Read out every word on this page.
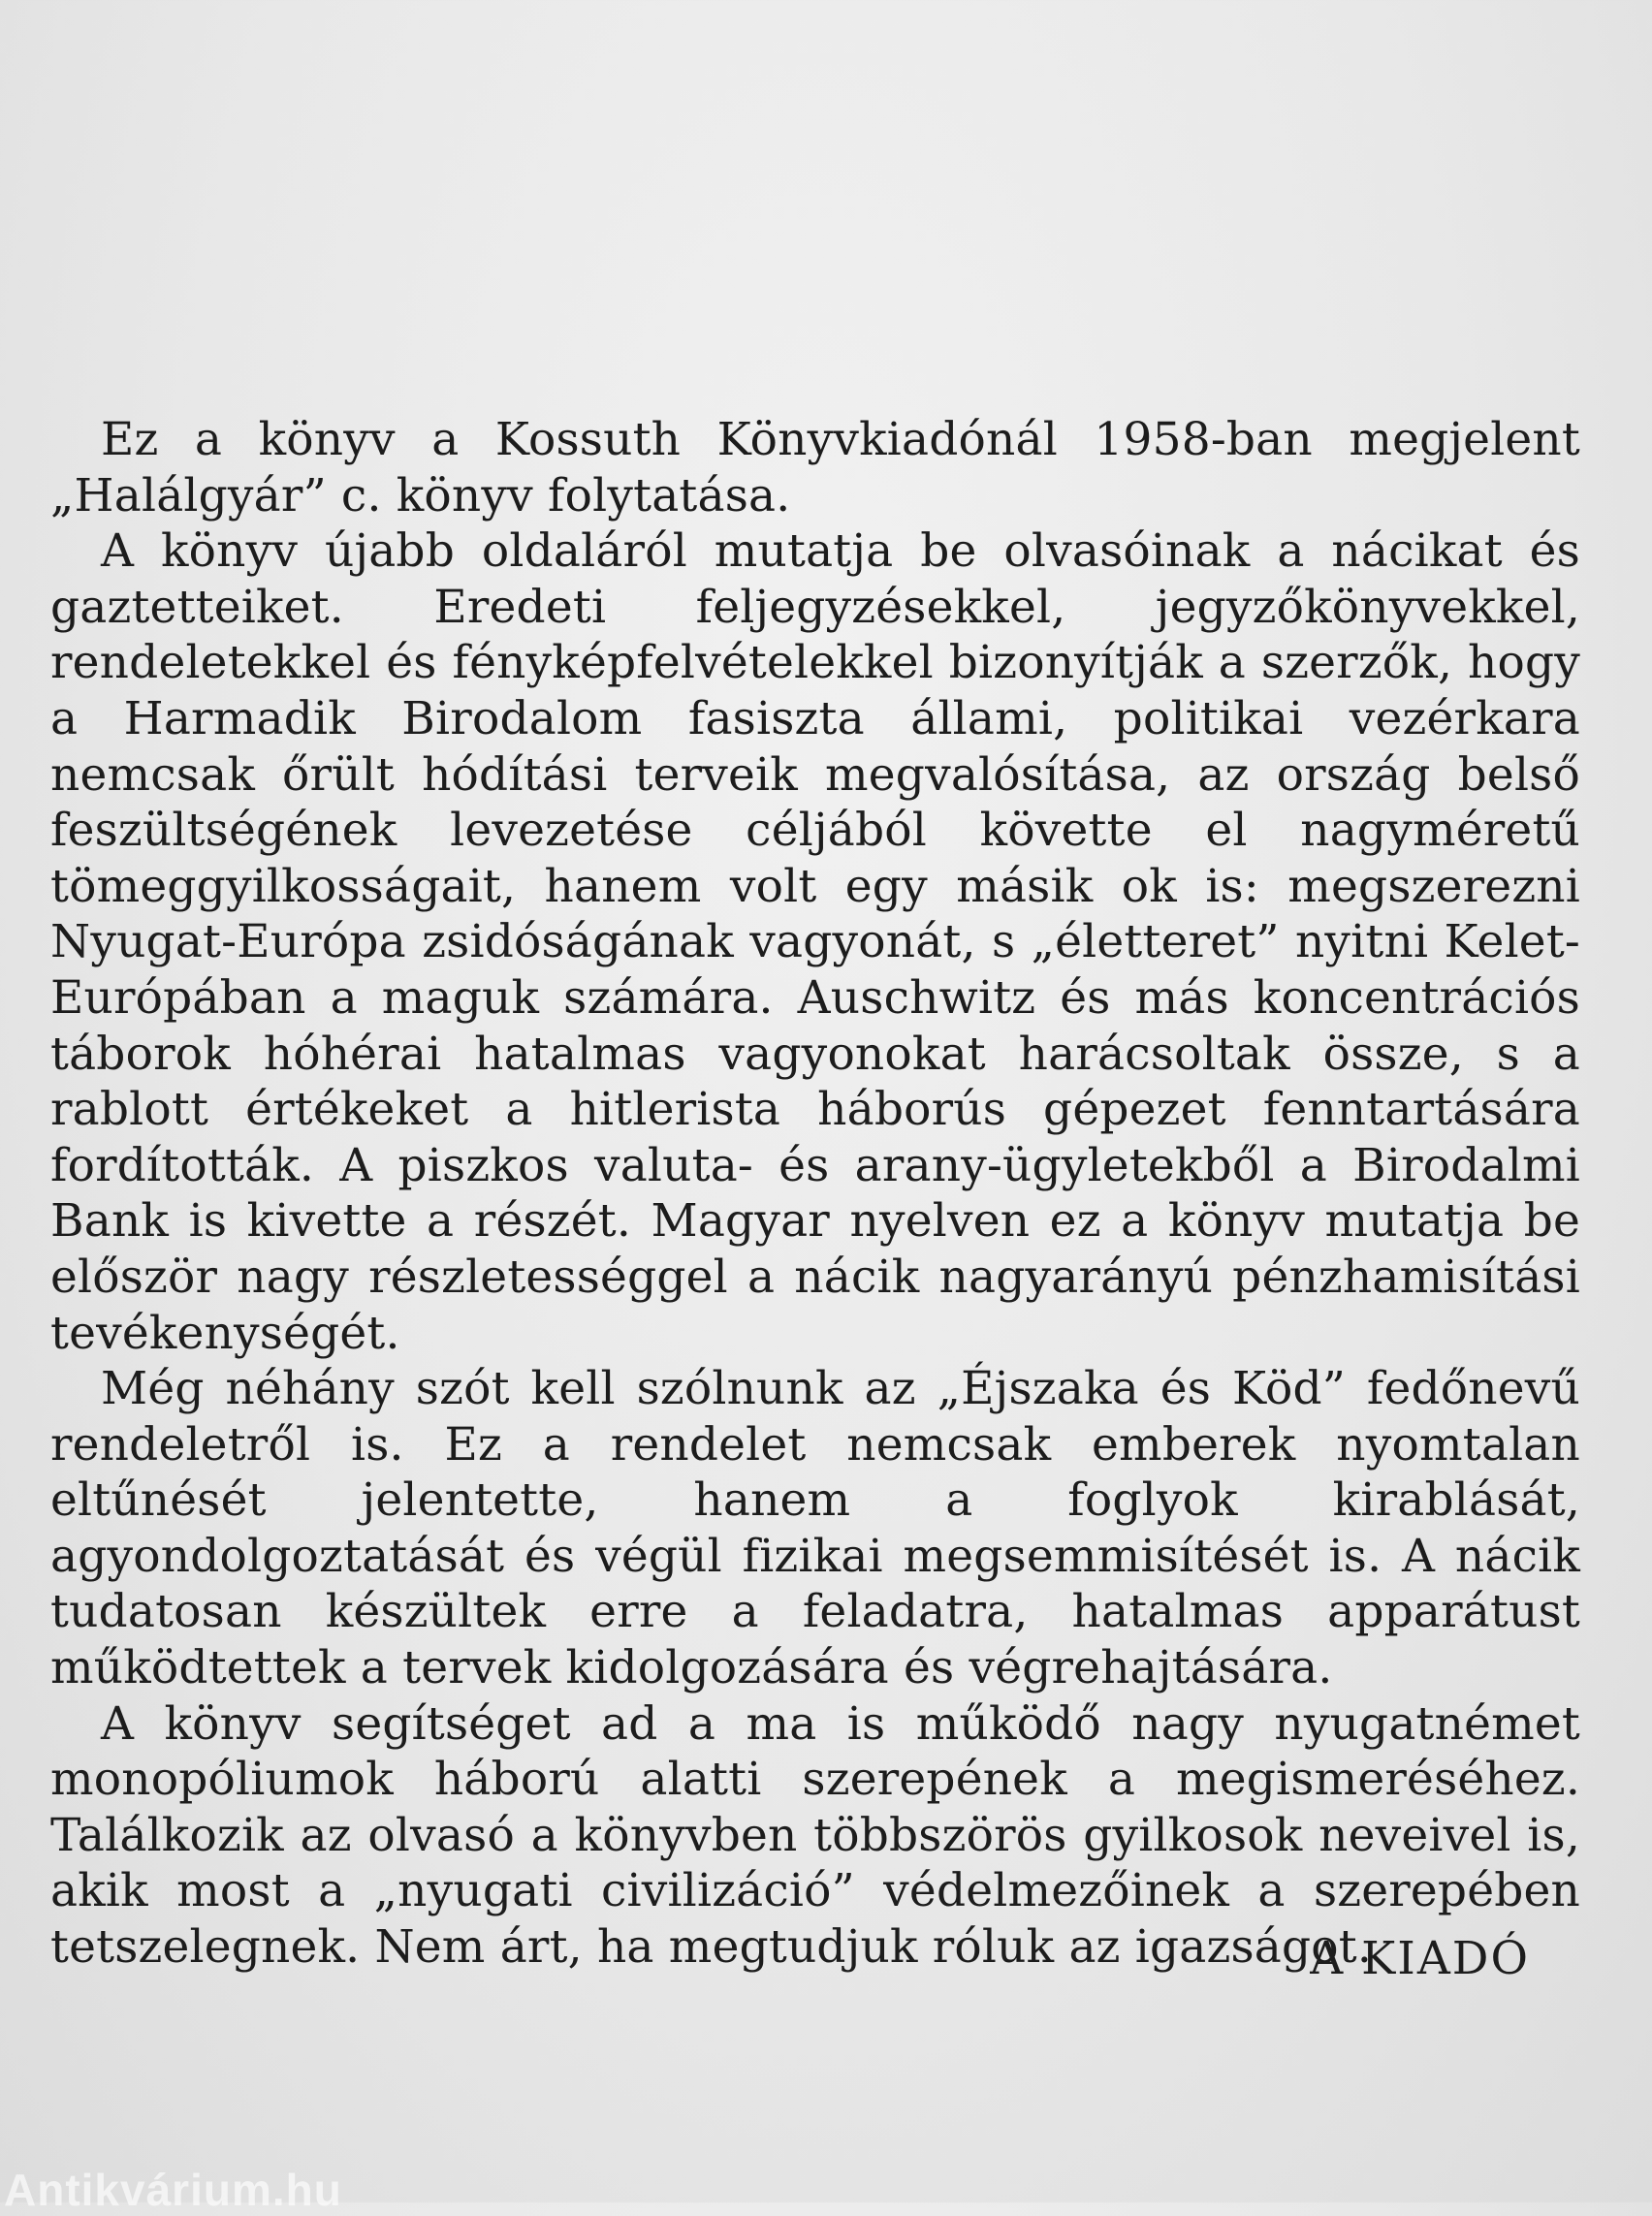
Ez a könyv a Kossuth Könyvkiadónál 1958-ban megjelent „Halálgyár” c. könyv folytatása.

A könyv újabb oldaláról mutatja be olvasóinak a nácikat és gaztetteiket. Eredeti feljegyzésekkel, jegyzőkönyvekkel, rendeletekkel és fényképfelvételekkel bizonyítják a szerzők, hogy a Harmadik Birodalom fasiszta állami, politikai vezérkara nemcsak őrült hódítási terveik megvalósítása, az ország belső feszültségének levezetése céljából követte el nagyméretű tömeggyilkosságait, hanem volt egy másik ok is: megszerezni Nyugat-Európa zsidóságának vagyonát, s „életteret” nyitni Kelet-Európában a maguk számára. Auschwitz és más koncentrációs táborok hóhérai hatalmas vagyonokat harácsoltak össze, s a rablott értékeket a hitlerista háborús gépezet fenntartására fordították. A piszkos valuta- és arany-ügyletekből a Birodalmi Bank is kivette a részét. Magyar nyelven ez a könyv mutatja be először nagy részletességgel a nácik nagyarányú pénzhamisítási tevékenységét.

Még néhány szót kell szólnunk az „Éjszaka és Köd” fedőnevű rendeletről is. Ez a rendelet nemcsak emberek nyomtalan eltűnését jelentette, hanem a foglyok kirablását, agyondolgoztatását és végül fizikai megsemmisítését is. A nácik tudatosan készültek erre a feladatra, hatalmas apparátust működtettek a tervek kidolgozására és végrehajtására.

A könyv segítséget ad a ma is működő nagy nyugatnémet monopóliumok háború alatti szerepének a megismeréséhez. Találkozik az olvasó a könyvben többszörös gyilkosok neveivel is, akik most a „nyugati civilizáció” védelmezőinek a szerepében tetszelegnek. Nem árt, ha megtudjuk róluk az igazságot.

A KIADÓ
Antikvárium.hu
